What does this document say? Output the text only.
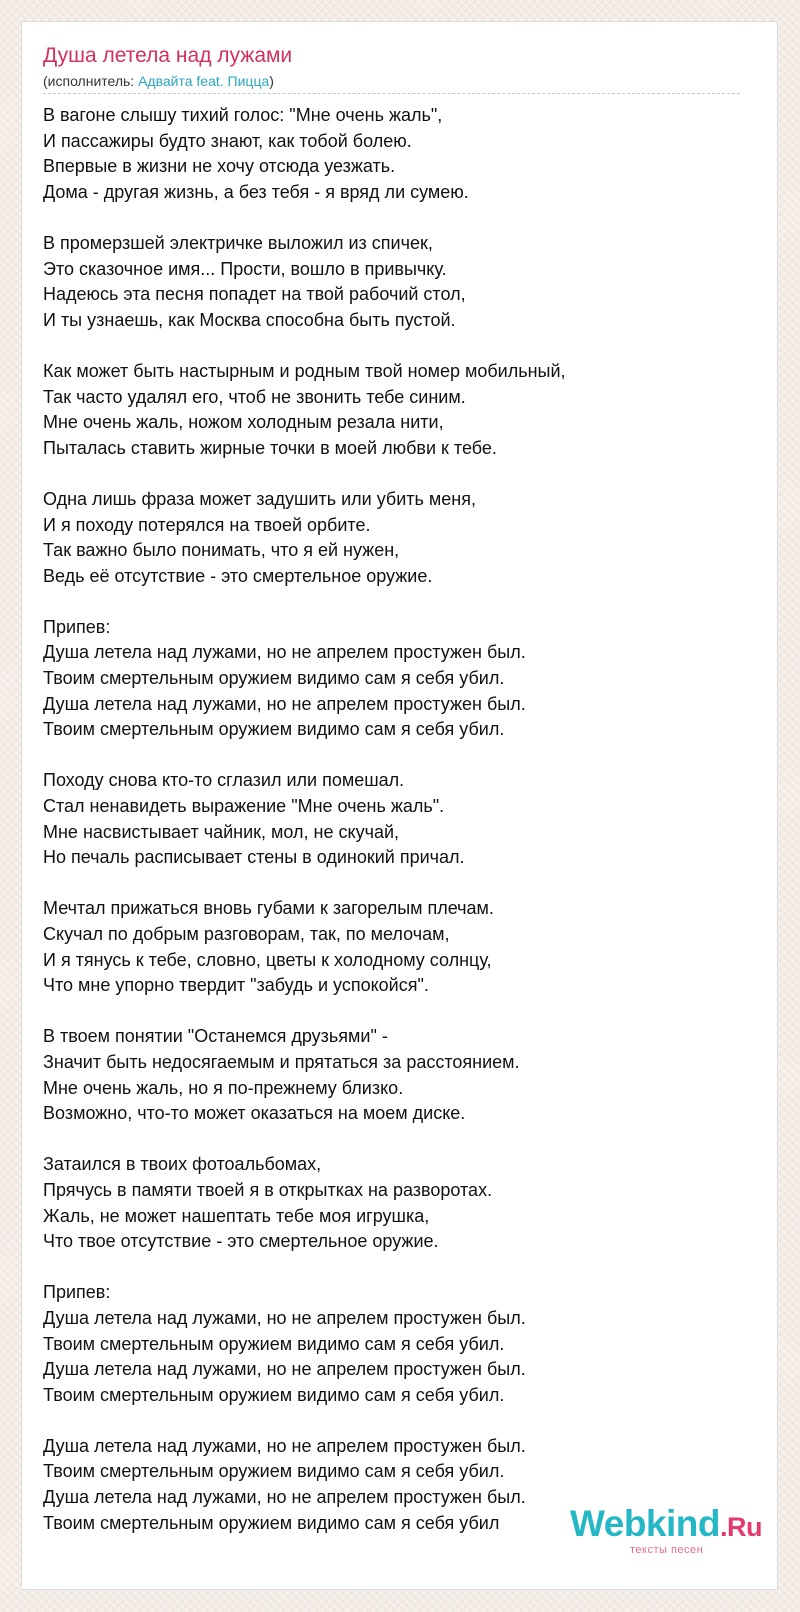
Душа летела над лужами
(исполнитель: Адвайта feat. Пицца)
В вагоне слышу тихий голос: "Мне очень жаль",
И пассажиры будто знают, как тобой болею.
Впервые в жизни не хочу отсюда уезжать.
Дома - другая жизнь, а без тебя - я вряд ли сумею.
В промерзшей электричке выложил из спичек,
Это сказочное имя... Прости, вошло в привычку.
Надеюсь эта песня попадет на твой рабочий стол,
И ты узнаешь, как Москва способна быть пустой.
Как может быть настырным и родным твой номер мобильный,
Так часто удалял его, чтоб не звонить тебе синим.
Мне очень жаль, ножом холодным резала нити,
Пыталась ставить жирные точки в моей любви к тебе.
Одна лишь фраза может задушить или убить меня,
И я походу потерялся на твоей орбите.
Так важно было понимать, что я ей нужен,
Ведь её отсутствие - это смертельное оружие.
Припев:
Душа летела над лужами, но не апрелем простужен был.
Твоим смертельным оружием видимо сам я себя убил.
Душа летела над лужами, но не апрелем простужен был.
Твоим смертельным оружием видимо сам я себя убил.
Походу снова кто-то сглазил или помешал.
Стал ненавидеть выражение "Мне очень жаль".
Мне насвистывает чайник, мол, не скучай,
Но печаль расписывает стены в одинокий причал.
Мечтал прижаться вновь губами к загорелым плечам.
Скучал по добрым разговорам, так, по мелочам,
И я тянусь к тебе, словно, цветы к холодному солнцу,
Что мне упорно твердит "забудь и успокойся".
В твоем понятии "Останемся друзьями" -
Значит быть недосягаемым и прятаться за расстоянием.
Мне очень жаль, но я по-прежнему близко.
Возможно, что-то может оказаться на моем диске.
Затаился в твоих фотоальбомах,
Прячусь в памяти твоей я в открытках на разворотах.
Жаль, не может нашептать тебе моя игрушка,
Что твое отсутствие - это смертельное оружие.
Припев:
Душа летела над лужами, но не апрелем простужен был.
Твоим смертельным оружием видимо сам я себя убил.
Душа летела над лужами, но не апрелем простужен был.
Твоим смертельным оружием видимо сам я себя убил.
Душа летела над лужами, но не апрелем простужен был.
Твоим смертельным оружием видимо сам я себя убил.
Душа летела над лужами, но не апрелем простужен был.
Твоим смертельным оружием видимо сам я себя убил	Webkind.Ru
тексты песен
